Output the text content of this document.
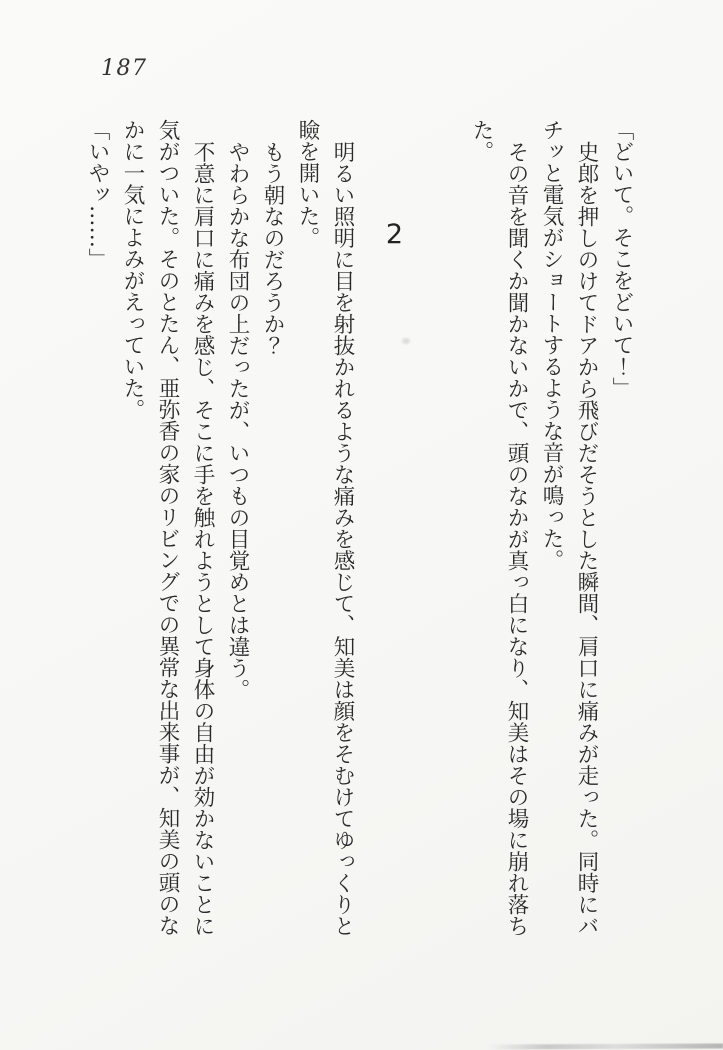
187

「どいて。そこをどいて！」

史郎を押しのけてドアから飛びだそうとした瞬間、肩口に痛みが走った。同時にバチッと電気がショートするような音が鳴った。

その音を聞くか聞かないかで、頭のなかが真っ白になり、知美はその場に崩れ落ちた。

2

明るい照明に目を射抜かれるような痛みを感じて、知美は顔をそむけてゆっくりと瞼を開いた。

もう朝なのだろうか？

やわらかな布団の上だったが、いつもの目覚めとは違う。

不意に肩口に痛みを感じ、そこに手を触れようとして身体の自由が効かないことに気がついた。そのとたん、亜弥香の家のリビングでの異常な出来事が、知美の頭のなかに一気によみがえっていた。

「いやッ……」
